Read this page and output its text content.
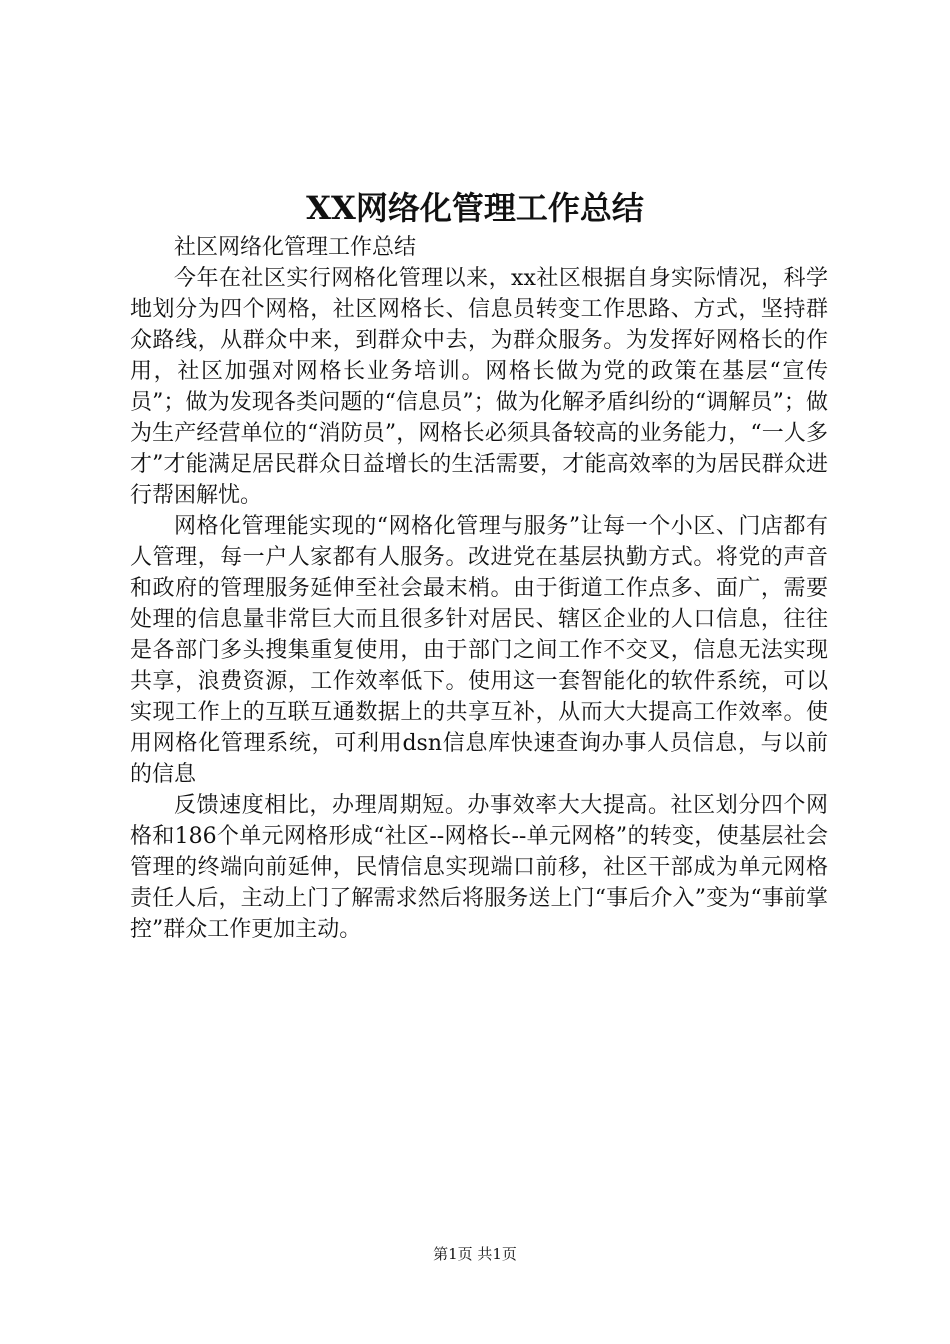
XX网络化管理工作总结

社区网络化管理工作总结

今年在社区实行网格化管理以来，xx社区根据自身实际情况，科学地划分为四个网格，社区网格长、信息员转变工作思路、方式，坚持群众路线，从群众中来，到群众中去，为群众服务。为发挥好网格长的作用，社区加强对网格长业务培训。网格长做为党的政策在基层“宣传员”；做为发现各类问题的“信息员”；做为化解矛盾纠纷的“调解员”；做为生产经营单位的“消防员”，网格长必须具备较高的业务能力，“一人多才”才能满足居民群众日益增长的生活需要，才能高效率的为居民群众进行帮困解忧。

网格化管理能实现的“网格化管理与服务”让每一个小区、门店都有人管理，每一户人家都有人服务。改进党在基层执勤方式。将党的声音和政府的管理服务延伸至社会最末梢。由于街道工作点多、面广，需要处理的信息量非常巨大而且很多针对居民、辖区企业的人口信息，往往是各部门多头搜集重复使用，由于部门之间工作不交叉，信息无法实现共享，浪费资源，工作效率低下。使用这一套智能化的软件系统，可以实现工作上的互联互通数据上的共享互补，从而大大提高工作效率。使用网格化管理系统，可利用dsn信息库快速查询办事人员信息，与以前的信息

反馈速度相比，办理周期短。办事效率大大提高。社区划分四个网格和186个单元网格形成“社区--网格长--单元网格”的转变，使基层社会管理的终端向前延伸，民情信息实现端口前移，社区干部成为单元网格责任人后，主动上门了解需求然后将服务送上门“事后介入”变为“事前掌控”群众工作更加主动。

第1页 共1页
